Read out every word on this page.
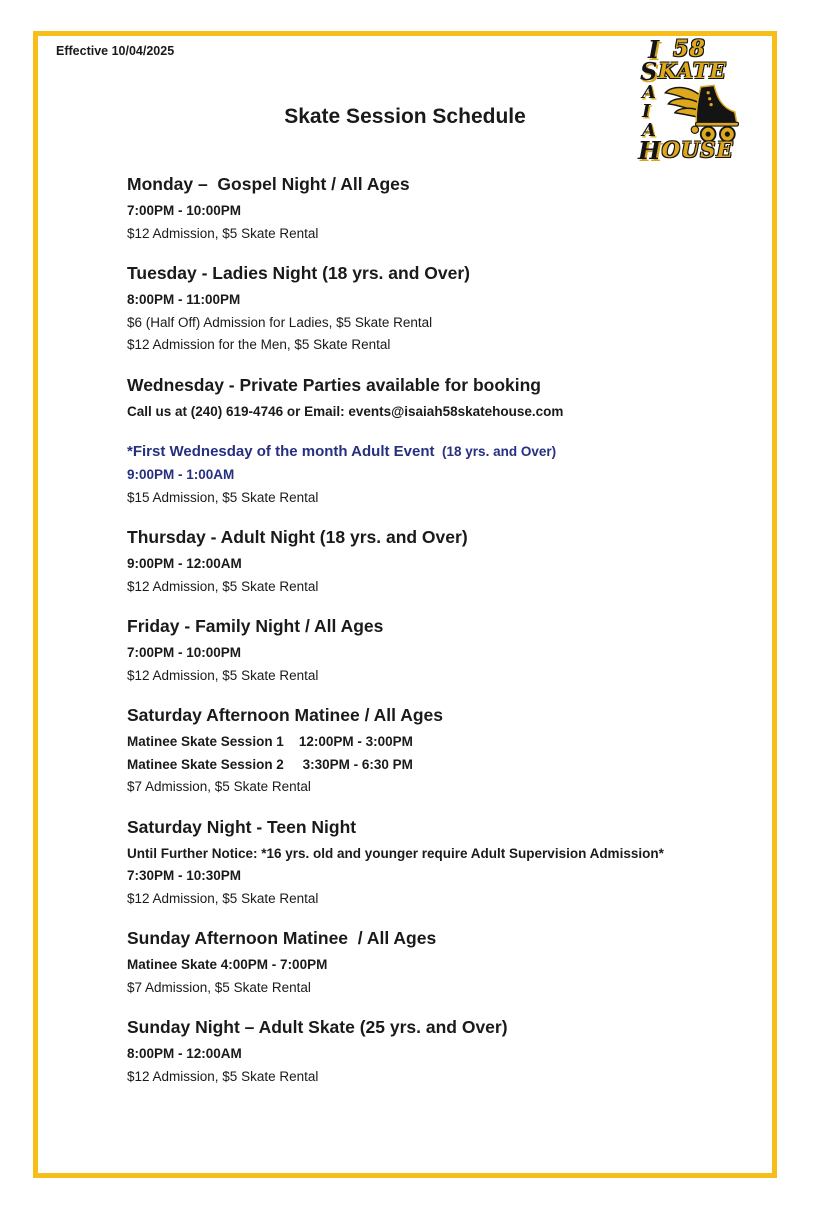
Effective 10/04/2025
Skate Session Schedule
I 58
S KATE
A
I
A
H OUSE
Monday –  Gospel Night / All Ages
7:00PM - 10:00PM
$12 Admission, $5 Skate Rental
Tuesday - Ladies Night (18 yrs. and Over)
8:00PM - 11:00PM
$6 (Half Off) Admission for Ladies, $5 Skate Rental
$12 Admission for the Men, $5 Skate Rental
Wednesday - Private Parties available for booking
Call us at (240) 619-4746 or Email: events@isaiah58skatehouse.com
*First Wednesday of the month Adult Event  (18 yrs. and Over)
9:00PM - 1:00AM
$15 Admission, $5 Skate Rental
Thursday - Adult Night (18 yrs. and Over)
9:00PM - 12:00AM
$12 Admission, $5 Skate Rental
Friday - Family Night / All Ages
7:00PM - 10:00PM
$12 Admission, $5 Skate Rental
Saturday Afternoon Matinee / All Ages
Matinee Skate Session 1    12:00PM - 3:00PM
Matinee Skate Session 2     3:30PM - 6:30 PM
$7 Admission, $5 Skate Rental
Saturday Night - Teen Night
Until Further Notice: *16 yrs. old and younger require Adult Supervision Admission*
7:30PM - 10:30PM
$12 Admission, $5 Skate Rental
Sunday Afternoon Matinee  / All Ages
Matinee Skate 4:00PM - 7:00PM
$7 Admission, $5 Skate Rental
Sunday Night – Adult Skate (25 yrs. and Over)
8:00PM - 12:00AM
$12 Admission, $5 Skate Rental
